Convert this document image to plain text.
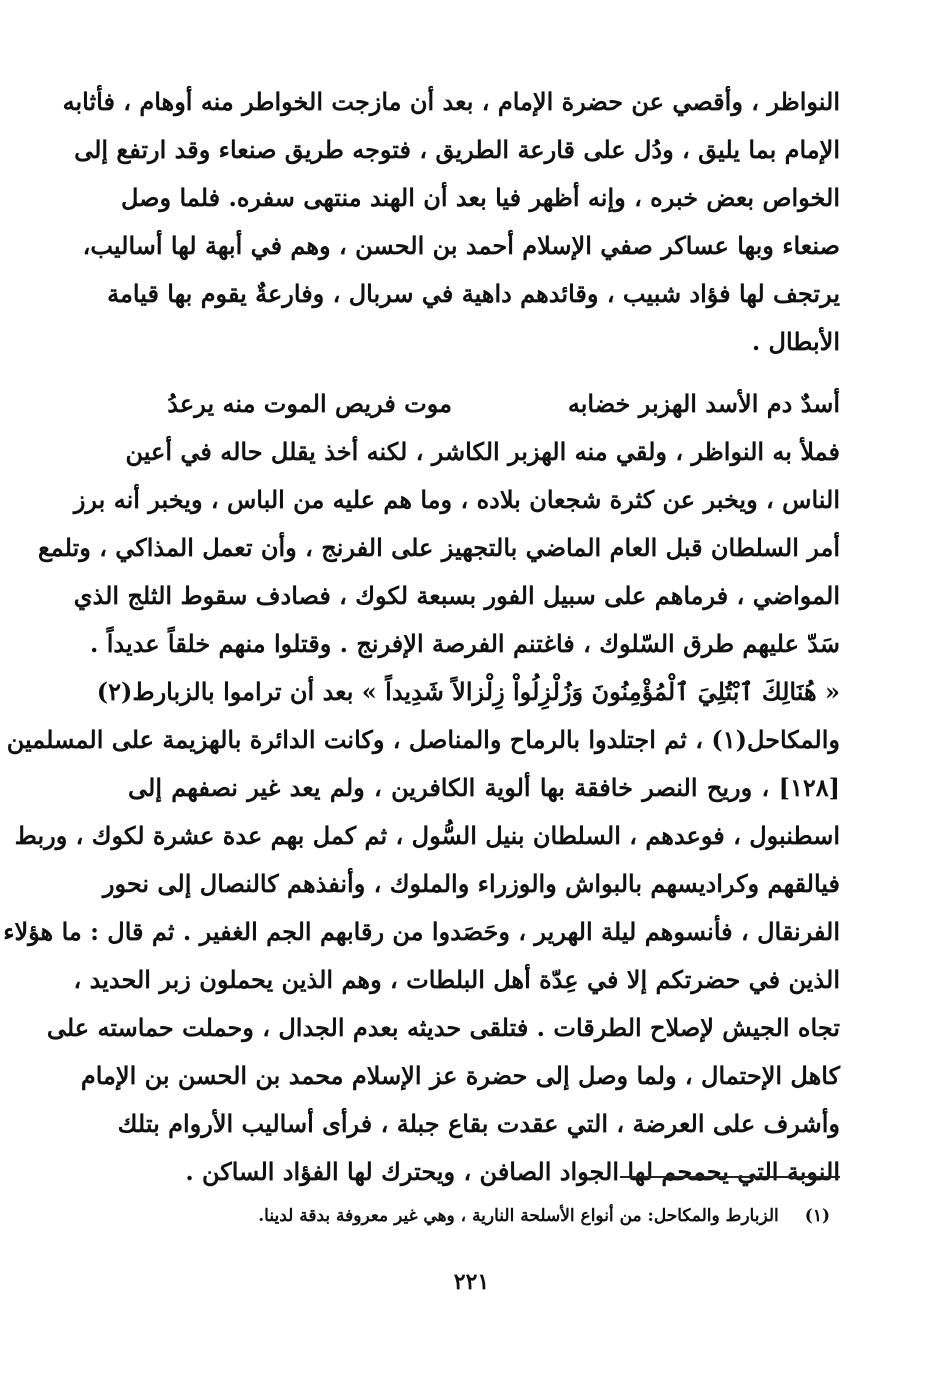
النواظر ، وأقصي عن حضرة الإمام ، بعد أن مازجت الخواطر منه أوهام ، فأثابه
الإمام بما يليق ، ودُل على قارعة الطريق ، فتوجه طريق صنعاء وقد ارتفع إلى
الخواص بعض خبره ، وإنه أظهر فيا بعد أن الهند منتهى سفره. فلما وصل
صنعاء وبها عساكر صفي الإسلام أحمد بن الحسن ، وهم في أبهة لها أساليب،
يرتجف لها فؤاد شبيب ، وقائدهم داهية في سربال ، وفارعةٌ يقوم بها قيامة
الأبطال .
أسدٌ دم الأسد الهزبر خضابه
موت فريص الموت منه يرعدُ
فملأ به النواظر ، ولقي منه الهزبر الكاشر ، لكنه أخذ يقلل حاله في أعين
الناس ، ويخبر عن كثرة شجعان بلاده ، وما هم عليه من الباس ، ويخبر أنه برز
أمر السلطان قبل العام الماضي بالتجهيز على الفرنج ، وأن تعمل المذاكي ، وتلمع
المواضي ، فرماهم على سبيل الفور بسبعة لكوك ، فصادف سقوط الثلج الذي
سَدّ عليهم طرق السّلوك ، فاغتنم الفرصة الإفرنج . وقتلوا منهم خلقاً عديداً .
« هُنَالِكَ ٱبْتُلِيَ ٱلْمُؤْمِنُونَ وَزُلْزِلُواْ زِلْزالاً شَدِيداً » بعد أن تراموا بالزبارط(٢)
والمكاحل(١) ، ثم اجتلدوا بالرماح والمناصل ، وكانت الدائرة بالهزيمة على المسلمين
[١٢٨] ، وريح النصر خافقة بها ألوية الكافرين ، ولم يعد غير نصفهم إلى
اسطنبول ، فوعدهم ، السلطان بنيل السُّول ، ثم كمل بهم عدة عشرة لكوك ، وربط
فيالقهم وكراديسهم بالبواش والوزراء والملوك ، وأنفذهم كالنصال إلى نحور
الفرنقال ، فأنسوهم ليلة الهرير ، وحَصَدوا من رقابهم الجم الغفير . ثم قال : ما هؤلاء
الذين في حضرتكم إلا في عِدّة أهل البلطات ، وهم الذين يحملون زبر الحديد ،
تجاه الجيش لإصلاح الطرقات . فتلقى حديثه بعدم الجدال ، وحملت حماسته على
كاهل الإحتمال ، ولما وصل إلى حضرة عز الإسلام محمد بن الحسن بن الإمام
وأشرف على العرضة ، التي عقدت بقاع جبلة ، فرأى أساليب الأروام بتلك
النوبة التي يحمحم لها الجواد الصافن ، ويحترك لها الفؤاد الساكن .
(١)الزبارط والمكاحل: من أنواع الأسلحة النارية ، وهي غير معروفة بدقة لدينا.
٢٢١
